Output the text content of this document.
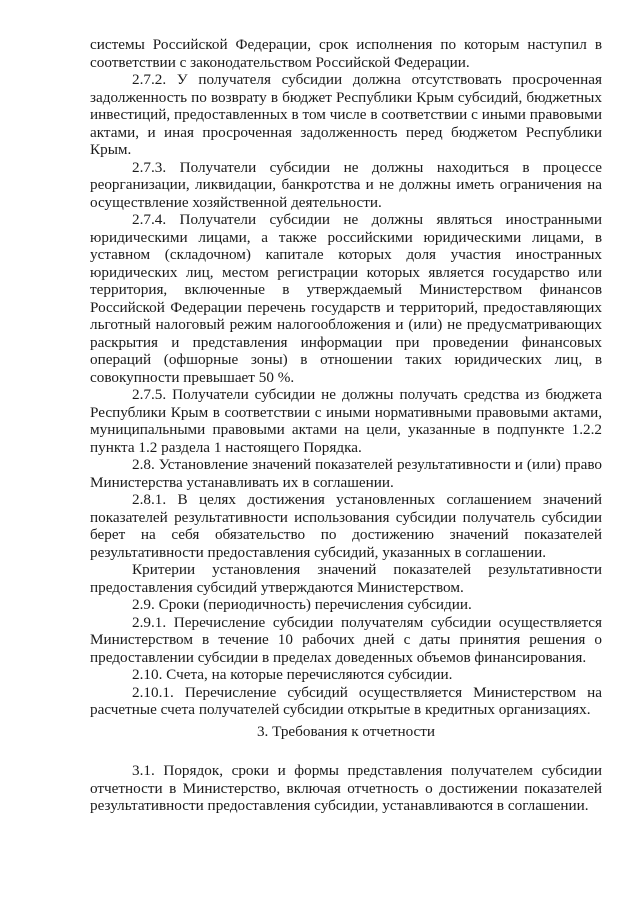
системы Российской Федерации, срок исполнения по которым наступил в соответствии с законодательством Российской Федерации.

2.7.2. У получателя субсидии должна отсутствовать просроченная задолженность по возврату в бюджет Республики Крым субсидий, бюджетных инвестиций, предоставленных в том числе в соответствии с иными правовыми актами, и иная просроченная задолженность перед бюджетом Республики Крым.

2.7.3. Получатели субсидии не должны находиться в процессе реорганизации, ликвидации, банкротства и не должны иметь ограничения на осуществление хозяйственной деятельности.

2.7.4. Получатели субсидии не должны являться иностранными юридическими лицами, а также российскими юридическими лицами, в уставном (складочном) капитале которых доля участия иностранных юридических лиц, местом регистрации которых является государство или территория, включенные в утверждаемый Министерством финансов Российской Федерации перечень государств и территорий, предоставляющих льготный налоговый режим налогообложения и (или) не предусматривающих раскрытия и представления информации при проведении финансовых операций (офшорные зоны) в отношении таких юридических лиц, в совокупности превышает 50 %.

2.7.5. Получатели субсидии не должны получать средства из бюджета Республики Крым в соответствии с иными нормативными правовыми актами, муниципальными правовыми актами на цели, указанные в подпункте 1.2.2 пункта 1.2 раздела 1 настоящего Порядка.

2.8. Установление значений показателей результативности и (или) право Министерства устанавливать их в соглашении.

2.8.1. В целях достижения установленных соглашением значений показателей результативности использования субсидии получатель субсидии берет на себя обязательство по достижению значений показателей результативности предоставления субсидий, указанных в соглашении.

Критерии установления значений показателей результативности предоставления субсидий утверждаются Министерством.

2.9. Сроки (периодичность) перечисления субсидии.

2.9.1. Перечисление субсидии получателям субсидии осуществляется Министерством в течение 10 рабочих дней с даты принятия решения о предоставлении субсидии в пределах доведенных объемов финансирования.

2.10. Счета, на которые перечисляются субсидии.

2.10.1. Перечисление субсидий осуществляется Министерством на расчетные счета получателей субсидии открытые в кредитных организациях.

3. Требования к отчетности

3.1. Порядок, сроки и формы представления получателем субсидии отчетности в Министерство, включая отчетность о достижении показателей результативности предоставления субсидии, устанавливаются в соглашении.
